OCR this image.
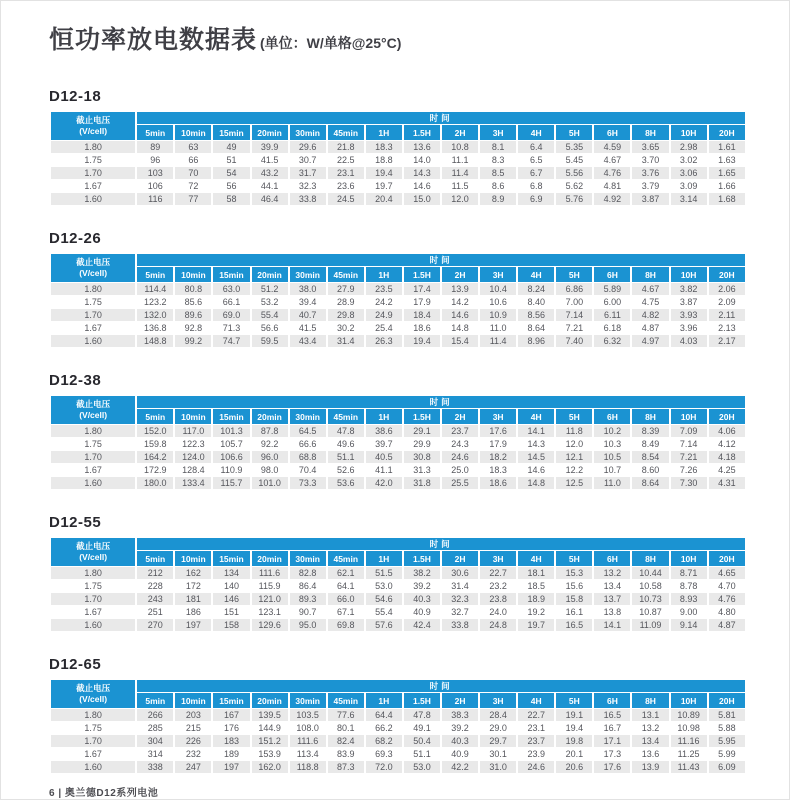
恒功率放电数据表 (单位：W/单格@25°C)
D12-18
截止电压
(V/cell)	时间															
	5min	10min	15min	20min	30min	45min	1H	1.5H	2H	3H	4H	5H	6H	8H	10H	20H
1.80	89	63	49	39.9	29.6	21.8	18.3	13.6	10.8	8.1	6.4	5.35	4.59	3.65	2.98	1.61
1.75	96	66	51	41.5	30.7	22.5	18.8	14.0	11.1	8.3	6.5	5.45	4.67	3.70	3.02	1.63
1.70	103	70	54	43.2	31.7	23.1	19.4	14.3	11.4	8.5	6.7	5.56	4.76	3.76	3.06	1.65
1.67	106	72	56	44.1	32.3	23.6	19.7	14.6	11.5	8.6	6.8	5.62	4.81	3.79	3.09	1.66
1.60	116	77	58	46.4	33.8	24.5	20.4	15.0	12.0	8.9	6.9	5.76	4.92	3.87	3.14	1.68
D12-26
截止电压
(V/cell)	时间															
	5min	10min	15min	20min	30min	45min	1H	1.5H	2H	3H	4H	5H	6H	8H	10H	20H
1.80	114.4	80.8	63.0	51.2	38.0	27.9	23.5	17.4	13.9	10.4	8.24	6.86	5.89	4.67	3.82	2.06
1.75	123.2	85.6	66.1	53.2	39.4	28.9	24.2	17.9	14.2	10.6	8.40	7.00	6.00	4.75	3.87	2.09
1.70	132.0	89.6	69.0	55.4	40.7	29.8	24.9	18.4	14.6	10.9	8.56	7.14	6.11	4.82	3.93	2.11
1.67	136.8	92.8	71.3	56.6	41.5	30.2	25.4	18.6	14.8	11.0	8.64	7.21	6.18	4.87	3.96	2.13
1.60	148.8	99.2	74.7	59.5	43.4	31.4	26.3	19.4	15.4	11.4	8.96	7.40	6.32	4.97	4.03	2.17
D12-38
截止电压
(V/cell)	时间															
	5min	10min	15min	20min	30min	45min	1H	1.5H	2H	3H	4H	5H	6H	8H	10H	20H
1.80	152.0	117.0	101.3	87.8	64.5	47.8	38.6	29.1	23.7	17.6	14.1	11.8	10.2	8.39	7.09	4.06
1.75	159.8	122.3	105.7	92.2	66.6	49.6	39.7	29.9	24.3	17.9	14.3	12.0	10.3	8.49	7.14	4.12
1.70	164.2	124.0	106.6	96.0	68.8	51.1	40.5	30.8	24.6	18.2	14.5	12.1	10.5	8.54	7.21	4.18
1.67	172.9	128.4	110.9	98.0	70.4	52.6	41.1	31.3	25.0	18.3	14.6	12.2	10.7	8.60	7.26	4.25
1.60	180.0	133.4	115.7	101.0	73.3	53.6	42.0	31.8	25.5	18.6	14.8	12.5	11.0	8.64	7.30	4.31
D12-55
截止电压
(V/cell)	时间															
	5min	10min	15min	20min	30min	45min	1H	1.5H	2H	3H	4H	5H	6H	8H	10H	20H
1.80	212	162	134	111.6	82.8	62.1	51.5	38.2	30.6	22.7	18.1	15.3	13.2	10.44	8.71	4.65
1.75	228	172	140	115.9	86.4	64.1	53.0	39.2	31.4	23.2	18.5	15.6	13.4	10.58	8.78	4.70
1.70	243	181	146	121.0	89.3	66.0	54.6	40.3	32.3	23.8	18.9	15.8	13.7	10.73	8.93	4.76
1.67	251	186	151	123.1	90.7	67.1	55.4	40.9	32.7	24.0	19.2	16.1	13.8	10.87	9.00	4.80
1.60	270	197	158	129.6	95.0	69.8	57.6	42.4	33.8	24.8	19.7	16.5	14.1	11.09	9.14	4.87
D12-65
截止电压
(V/cell)	时间															
	5min	10min	15min	20min	30min	45min	1H	1.5H	2H	3H	4H	5H	6H	8H	10H	20H
1.80	266	203	167	139.5	103.5	77.6	64.4	47.8	38.3	28.4	22.7	19.1	16.5	13.1	10.89	5.81
1.75	285	215	176	144.9	108.0	80.1	66.2	49.1	39.2	29.0	23.1	19.4	16.7	13.2	10.98	5.88
1.70	304	226	183	151.2	111.6	82.4	68.2	50.4	40.3	29.7	23.7	19.8	17.1	13.4	11.16	5.95
1.67	314	232	189	153.9	113.4	83.9	69.3	51.1	40.9	30.1	23.9	20.1	17.3	13.6	11.25	5.99
1.60	338	247	197	162.0	118.8	87.3	72.0	53.0	42.2	31.0	24.6	20.6	17.6	13.9	11.43	6.09
6 | 奥兰德D12系列电池
